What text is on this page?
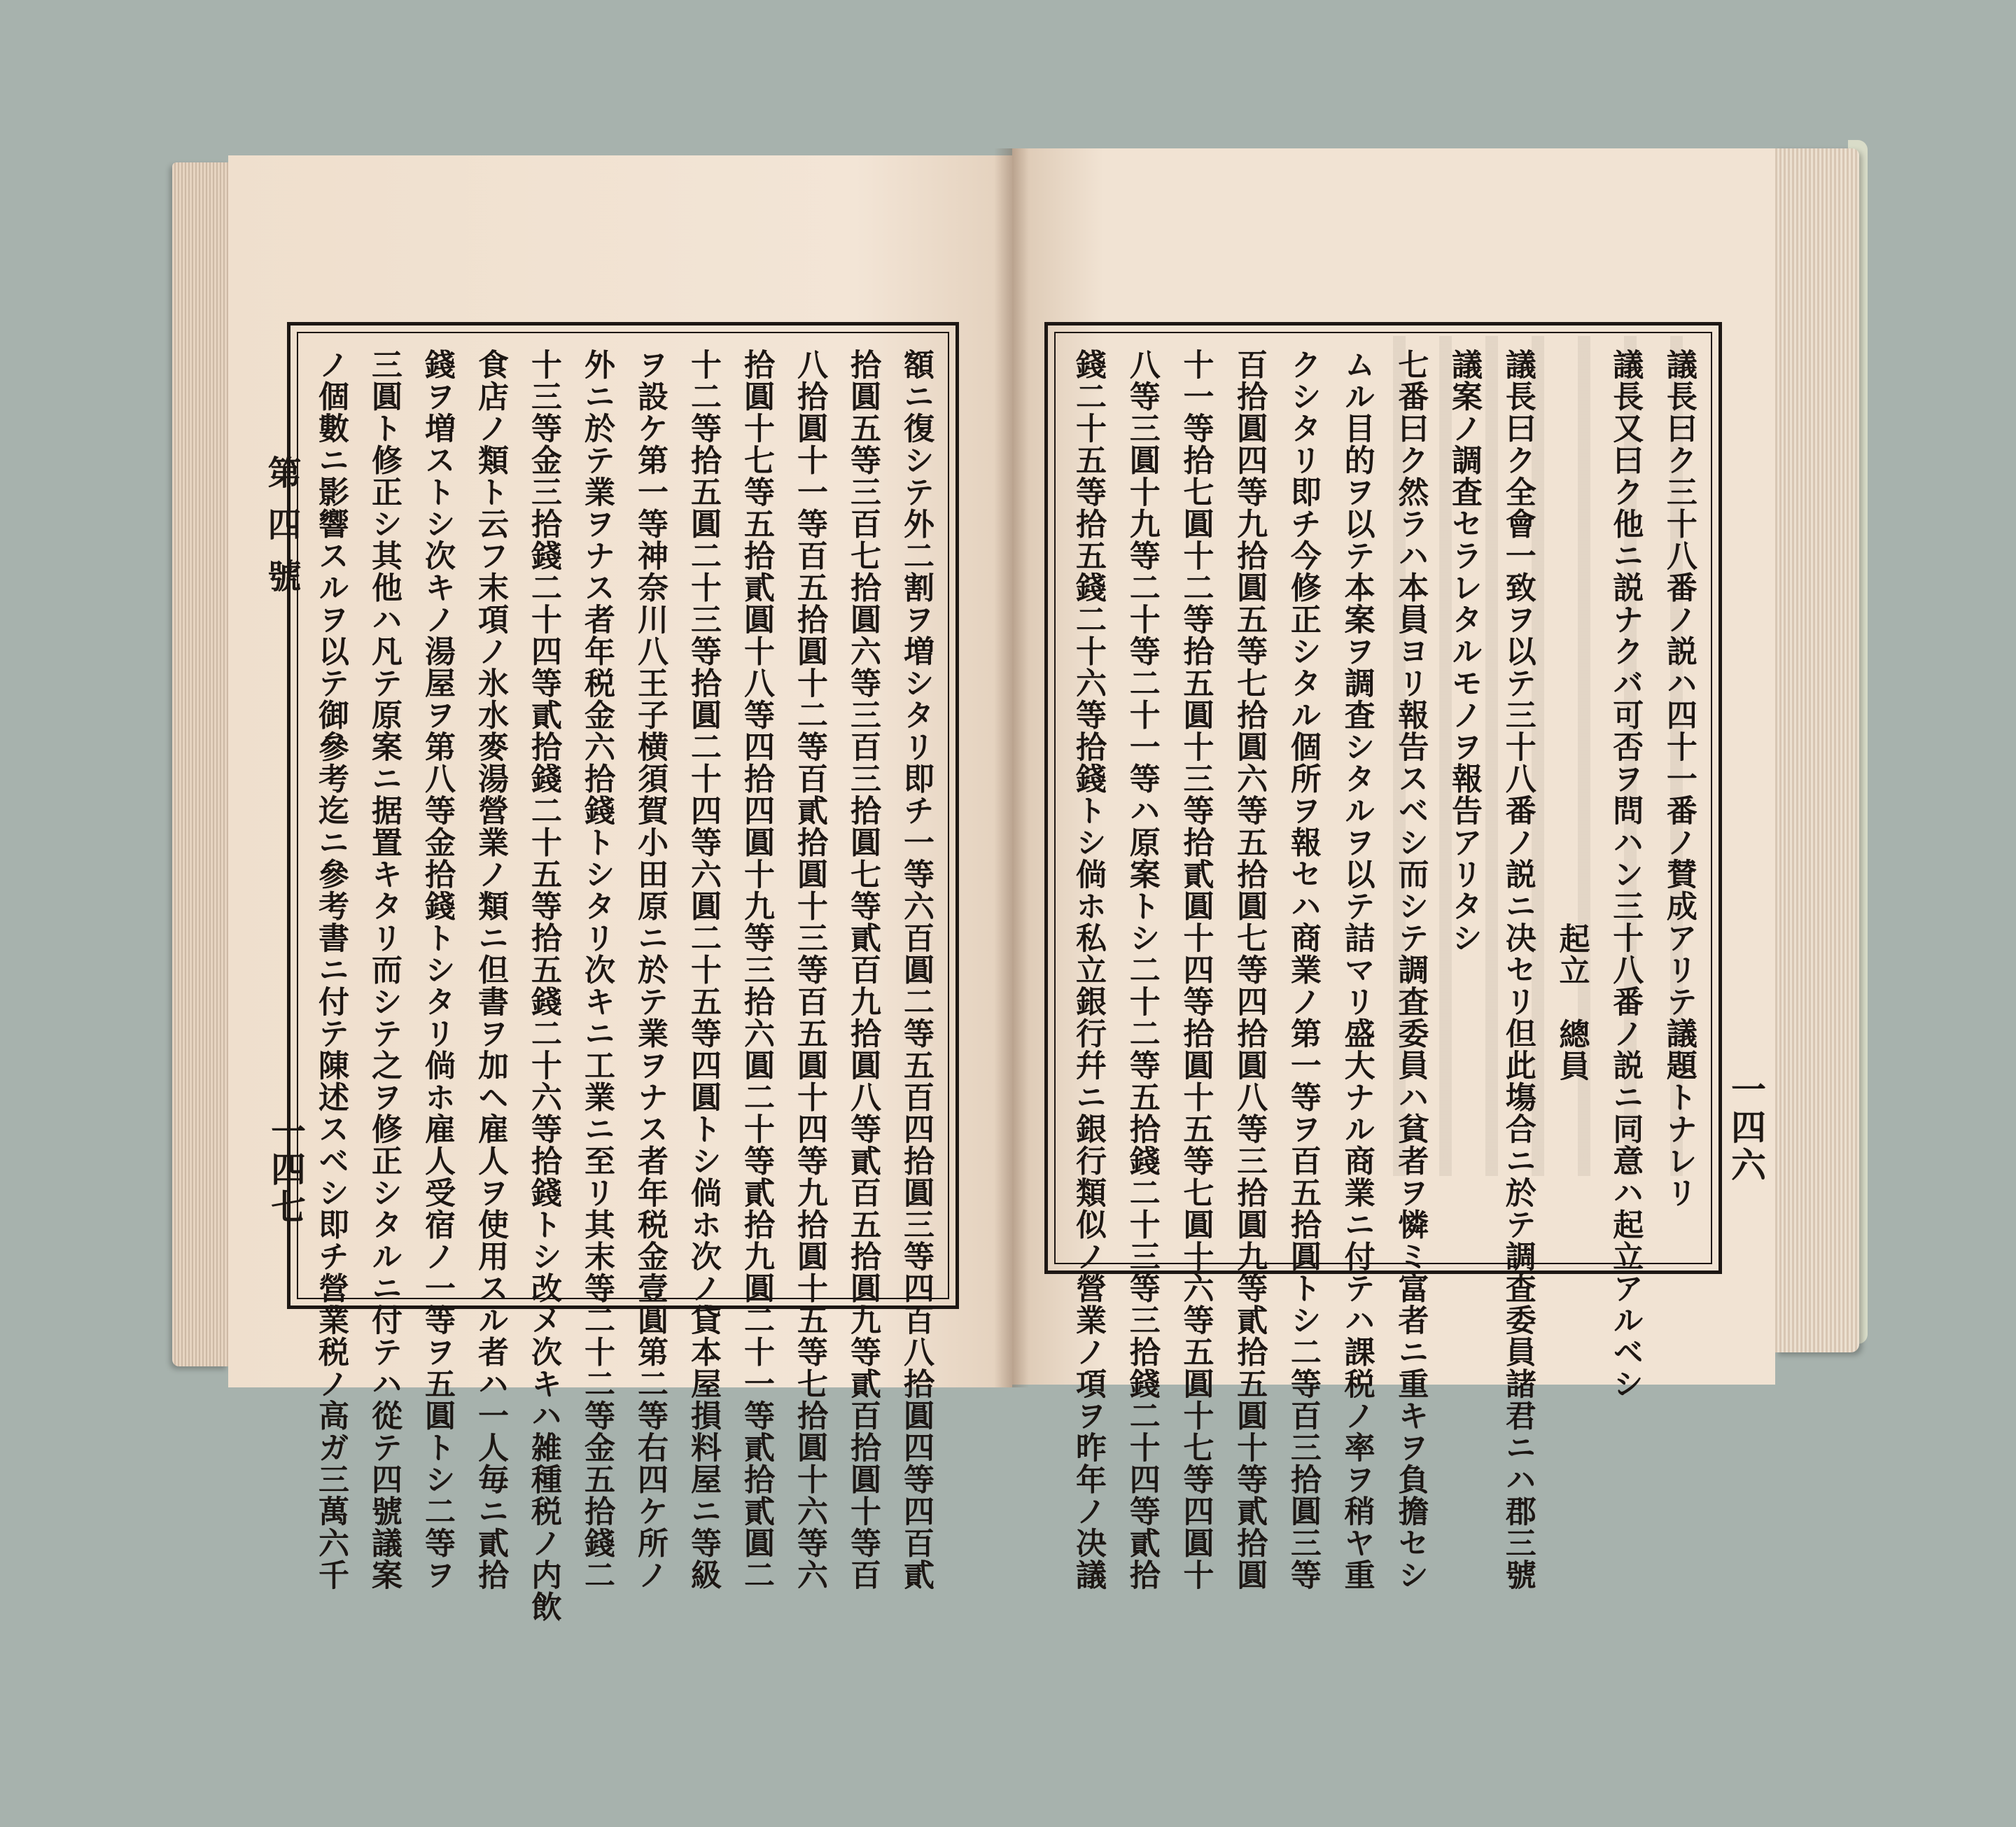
第四號
一四七	一四六
額ニ復シテ外二割ヲ増シタリ即チ一等六百圓二等五百四拾圓三等四百八拾圓四等四百貳
拾圓五等三百七拾圓六等三百三拾圓七等貳百九拾圓八等貳百五拾圓九等貳百拾圓十等百
八拾圓十一等百五拾圓十二等百貳拾圓十三等百五圓十四等九拾圓十五等七拾圓十六等六
拾圓十七等五拾貳圓十八等四拾四圓十九等三拾六圓二十等貳拾九圓二十一等貳拾貳圓二
十二等拾五圓二十三等拾圓二十四等六圓二十五等四圓トシ倘ホ次ノ貸本屋損料屋ニ等級
ヲ設ケ第一等神奈川八王子横須賀小田原ニ於テ業ヲナス者年税金壹圓第二等右四ケ所ノ
外ニ於テ業ヲナス者年税金六拾錢トシタリ次キニ工業ニ至リ其末等二十二等金五拾錢二
十三等金三拾錢二十四等貳拾錢二十五等拾五錢二十六等拾錢トシ改メ次キハ雑種税ノ内飲
食店ノ類ト云フ末項ノ氷水麥湯營業ノ類ニ但書ヲ加ヘ雇人ヲ使用スル者ハ一人毎ニ貳拾
錢ヲ増ストシ次キノ湯屋ヲ第八等金拾錢トシタリ倘ホ雇人受宿ノ一等ヲ五圓トシ二等ヲ
三圓ト修正シ其他ハ凡テ原案ニ据置キタリ而シテ之ヲ修正シタルニ付テハ從テ四號議案
ノ個數ニ影響スルヲ以テ御參考迄ニ參考書ニ付テ陳述スベシ即チ營業税ノ高ガ三萬六千	議長曰ク三十八番ノ説ハ四十一番ノ賛成アリテ議題トナレリ
議長又曰ク他ニ説ナクバ可否ヲ問ハン三十八番ノ説ニ同意ハ起立アルベシ
起立　總員
議長曰ク全會一致ヲ以テ三十八番ノ説ニ决セリ但此塲合ニ於テ調査委員諸君ニハ郡三號
議案ノ調査セラレタルモノヲ報告アリタシ
七番曰ク然ラハ本員ヨリ報告スベシ而シテ調査委員ハ貧者ヲ憐ミ富者ニ重キヲ負擔セシ
ムル目的ヲ以テ本案ヲ調査シタルヲ以テ詰マリ盛大ナル商業ニ付テハ課税ノ率ヲ稍ヤ重
クシタリ即チ今修正シタル個所ヲ報セハ商業ノ第一等ヲ百五拾圓トシ二等百三拾圓三等
百拾圓四等九拾圓五等七拾圓六等五拾圓七等四拾圓八等三拾圓九等貳拾五圓十等貳拾圓
十一等拾七圓十二等拾五圓十三等拾貳圓十四等拾圓十五等七圓十六等五圓十七等四圓十
八等三圓十九等二十等二十一等ハ原案トシ二十二等五拾錢二十三等三拾錢二十四等貳拾
錢二十五等拾五錢二十六等拾錢トシ倘ホ私立銀行幷ニ銀行類似ノ營業ノ項ヲ昨年ノ决議
